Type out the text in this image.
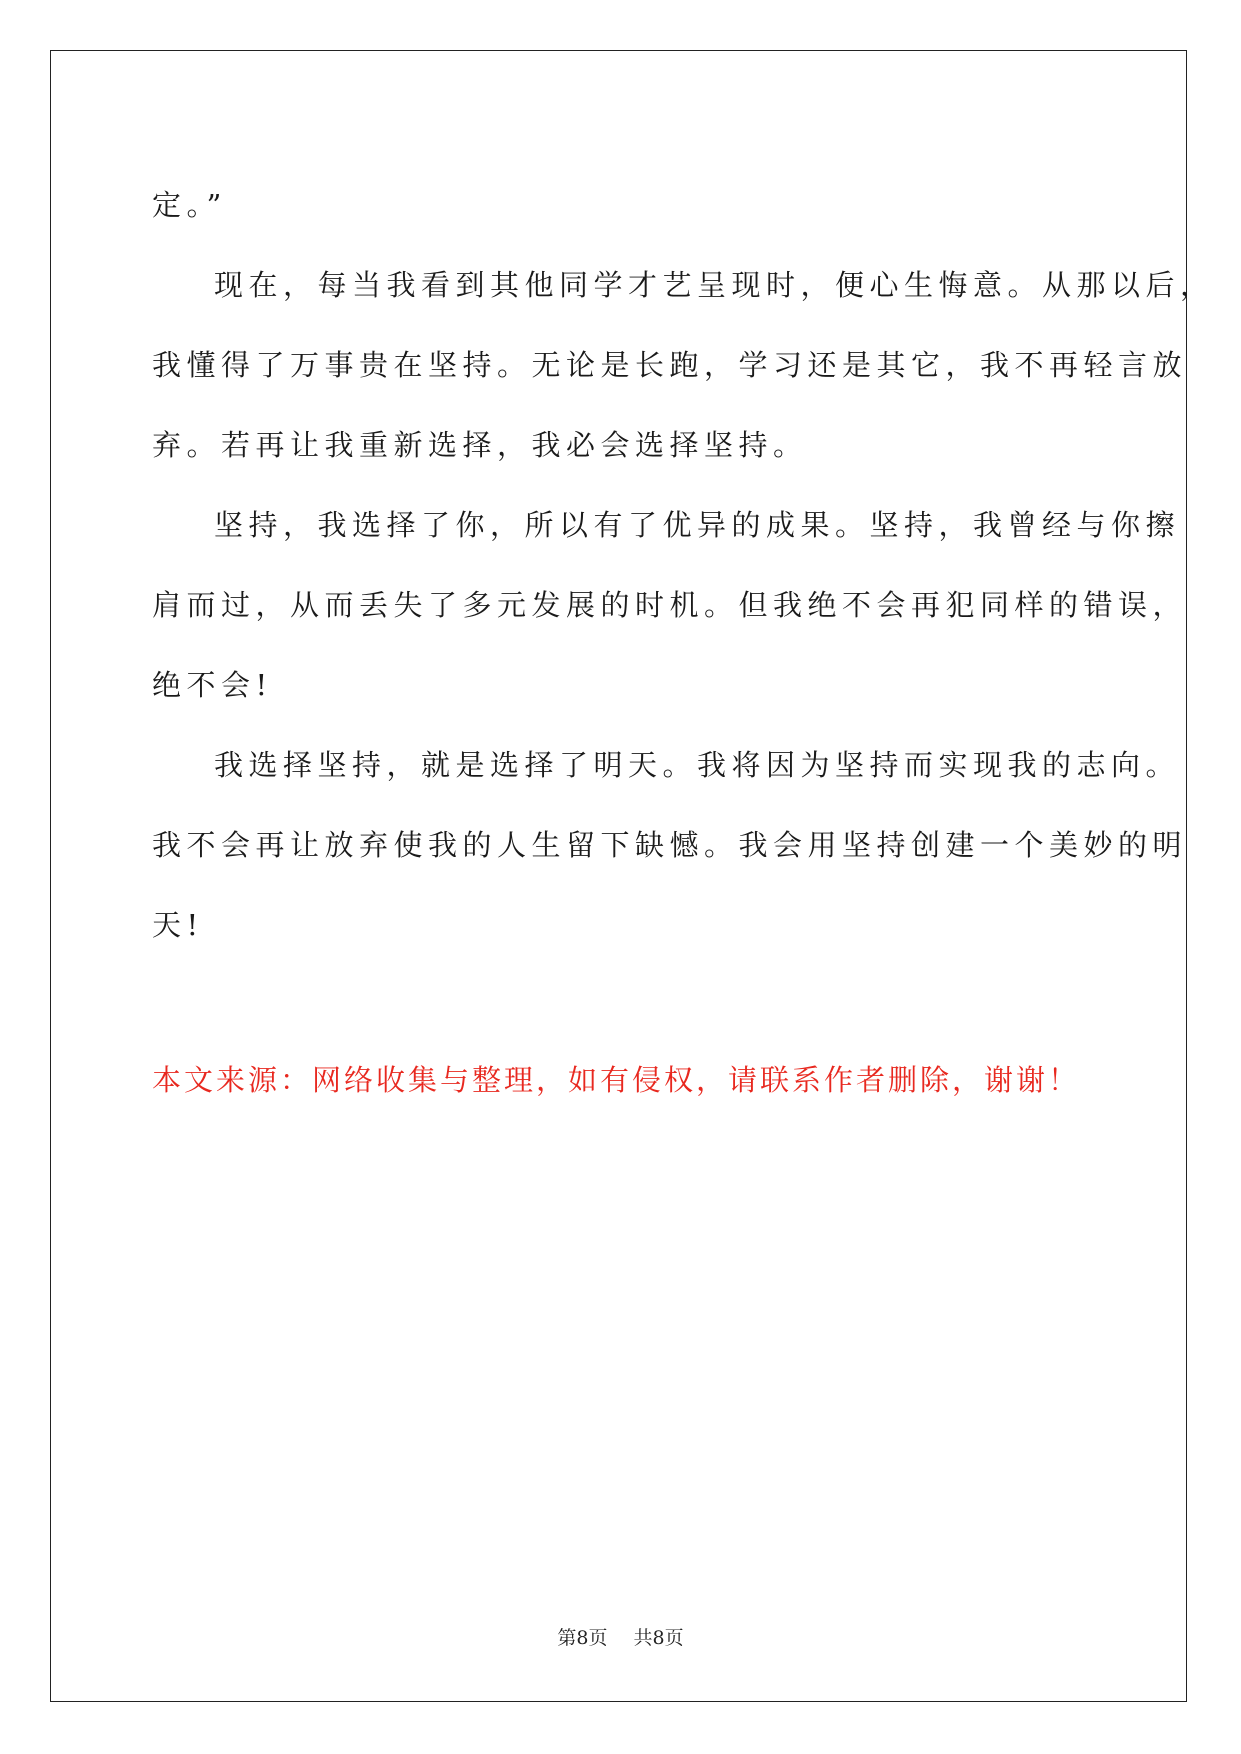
定。”
现在，每当我看到其他同学才艺呈现时，便心生悔意。从那以后，
我懂得了万事贵在坚持。无论是长跑，学习还是其它，我不再轻言放
弃。若再让我重新选择，我必会选择坚持。
坚持，我选择了你，所以有了优异的成果。坚持，我曾经与你擦
肩而过，从而丢失了多元发展的时机。但我绝不会再犯同样的错误，
绝不会!
我选择坚持，就是选择了明天。我将因为坚持而实现我的志向。
我不会再让放弃使我的人生留下缺憾。我会用坚持创建一个美妙的明
天!
本文来源：网络收集与整理，如有侵权，请联系作者删除，谢谢！
第8页 共8页
